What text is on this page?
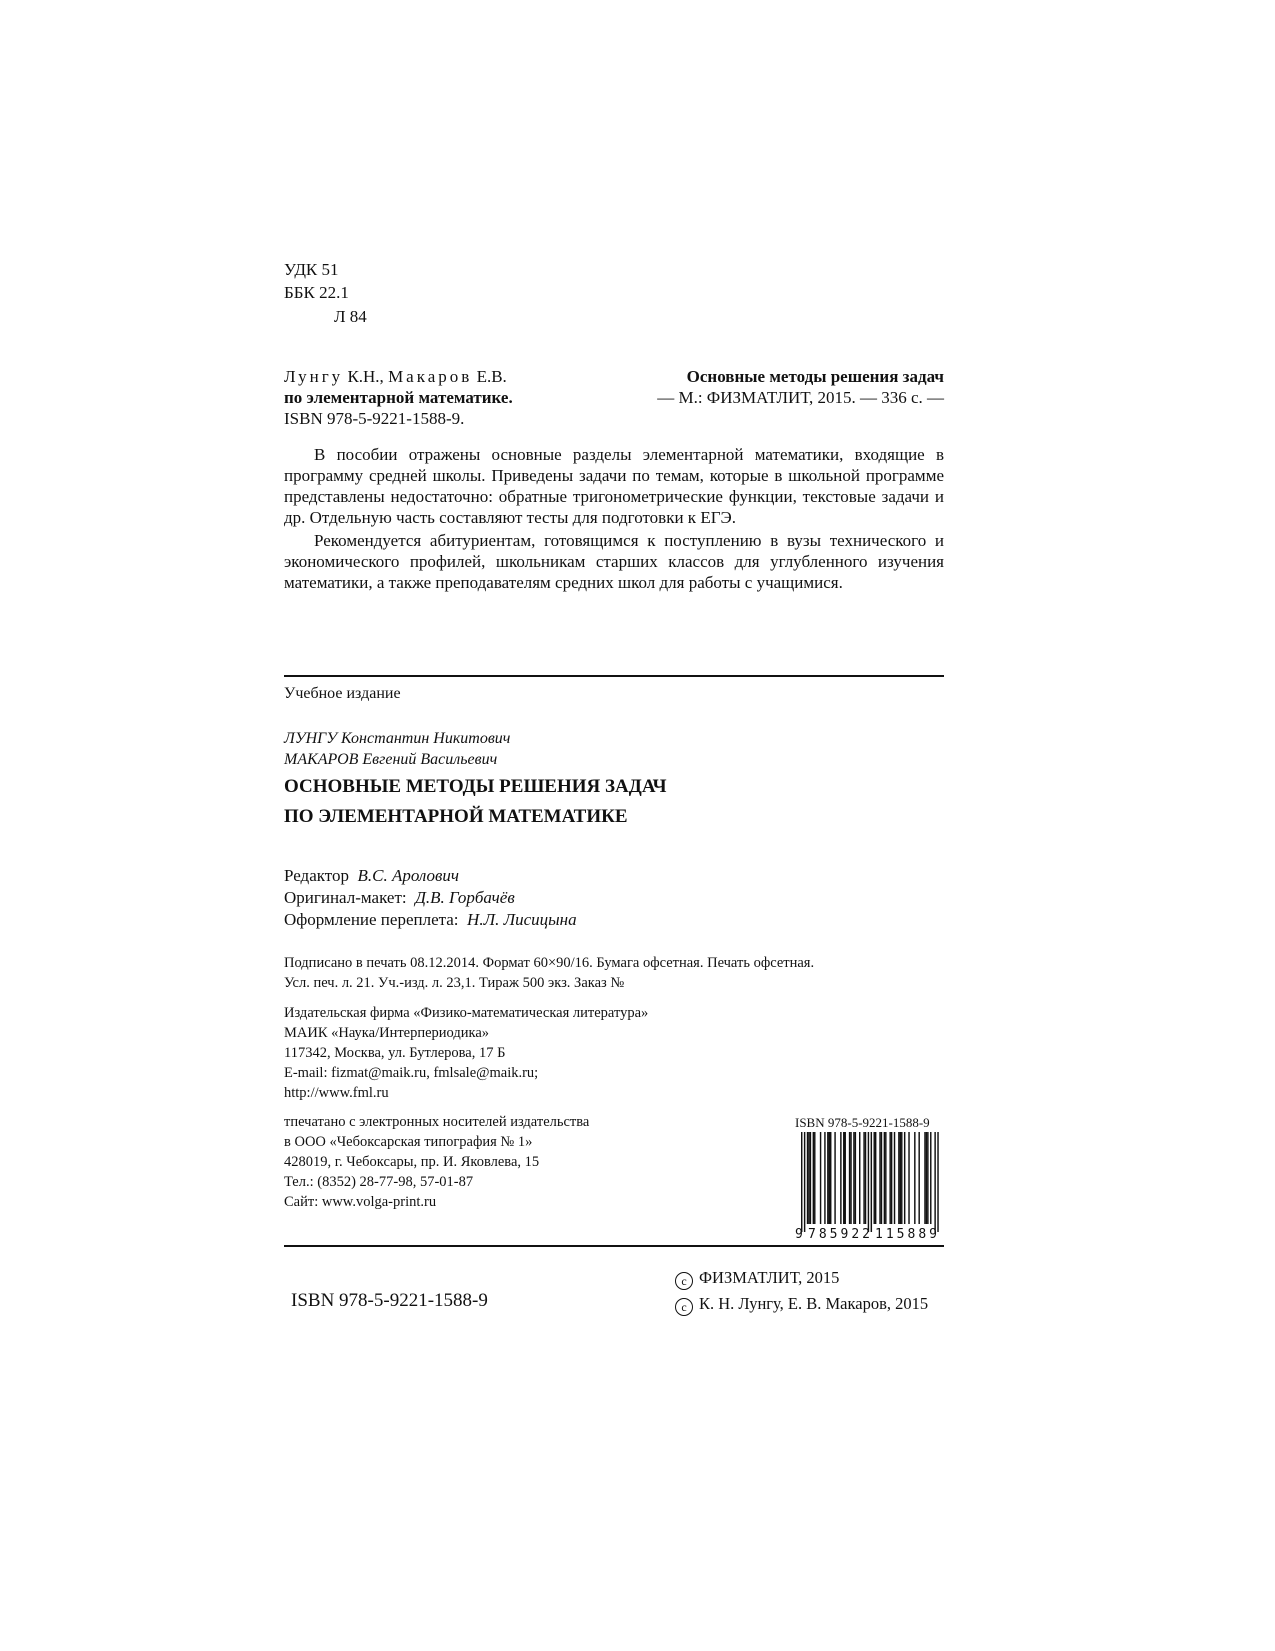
УДК 51
ББК 22.1
Л 84
Лунгу К.Н., Макаров Е.В.	Основные методы решения задач
по элементарной математике.	— М.: ФИЗМАТЛИТ, 2015. — 336 с. —
ISBN 978-5-9221-1588-9.

В пособии отражены основные разделы элементарной математики, входящие в программу средней школы. Приведены задачи по темам, которые в школьной программе представлены недостаточно: обратные тригонометрические функции, текстовые задачи и др. Отдельную часть составляют тесты для подготовки к ЕГЭ.

Рекомендуется абитуриентам, готовящимся к поступлению в вузы технического и экономического профилей, школьникам старших классов для углубленного изучения математики, а также преподавателям средних школ для работы с учащимися.

Учебное издание
ЛУНГУ Константин Никитович
МАКАРОВ Евгений Васильевич
ОСНОВНЫЕ МЕТОДЫ РЕШЕНИЯ ЗАДАЧ
ПО ЭЛЕМЕНТАРНОЙ МАТЕМАТИКЕ
Редактор В.С. Аролович
Оригинал-макет: Д.В. Горбачёв
Оформление переплета: Н.Л. Лисицына
Подписано в печать 08.12.2014. Формат 60×90/16. Бумага офсетная. Печать офсетная.
Усл. печ. л. 21. Уч.-изд. л. 23,1. Тираж 500 экз. Заказ №
Издательская фирма «Физико-математическая литература»
МАИК «Наука/Интерпериодика»
117342, Москва, ул. Бутлерова, 17 Б
E-mail: fizmat@maik.ru, fmlsale@maik.ru;
http://www.fml.ru
тпечатано с электронных носителей издательства
в ООО «Чебоксарская типография № 1»
428019, г. Чебоксары, пр. И. Яковлева, 15
Тел.: (8352) 28-77-98, 57-01-87
Сайт: www.volga-print.ru
ISBN 978-5-9221-1588-9
9 785922 115889
ISBN 978-5-9221-1588-9
c ФИЗМАТЛИТ, 2015
c К. Н. Лунгу, Е. В. Макаров, 2015
